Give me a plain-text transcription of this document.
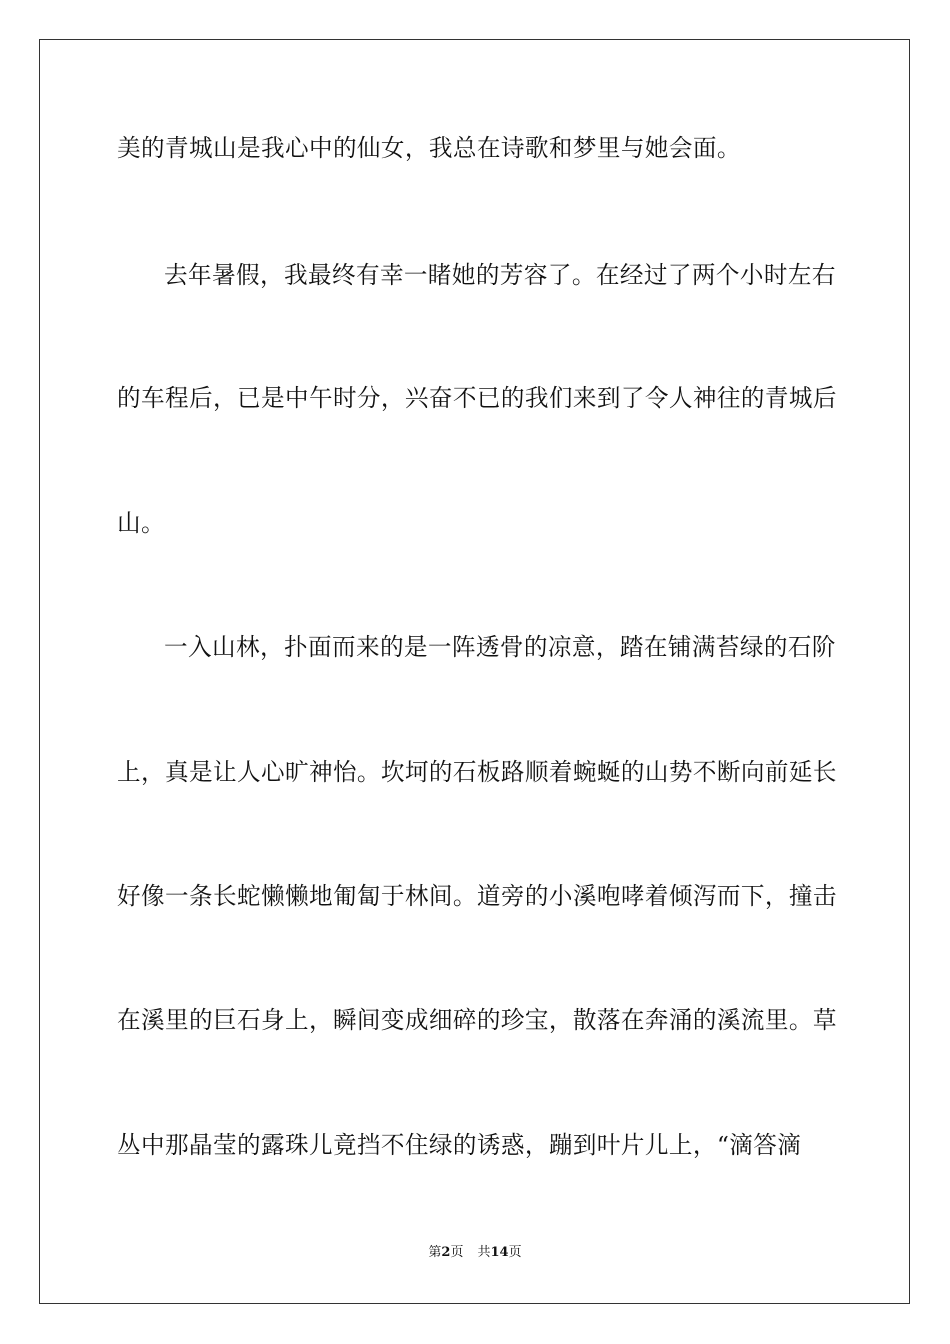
美的青城山是我心中的仙女，我总在诗歌和梦里与她会面。
去年暑假，我最终有幸一睹她的芳容了。在经过了两个小时左右
的车程后，已是中午时分，兴奋不已的我们来到了令人神往的青城后
山。
一入山林，扑面而来的是一阵透骨的凉意，踏在铺满苔绿的石阶
上，真是让人心旷神怡。坎坷的石板路顺着蜿蜒的山势不断向前延长
好像一条长蛇懒懒地匍匐于林间。道旁的小溪咆哮着倾泻而下，撞击
在溪里的巨石身上，瞬间变成细碎的珍宝，散落在奔涌的溪流里。草
丛中那晶莹的露珠儿竟挡不住绿的诱惑，蹦到叶片儿上，“滴答滴
第2页 共14页
